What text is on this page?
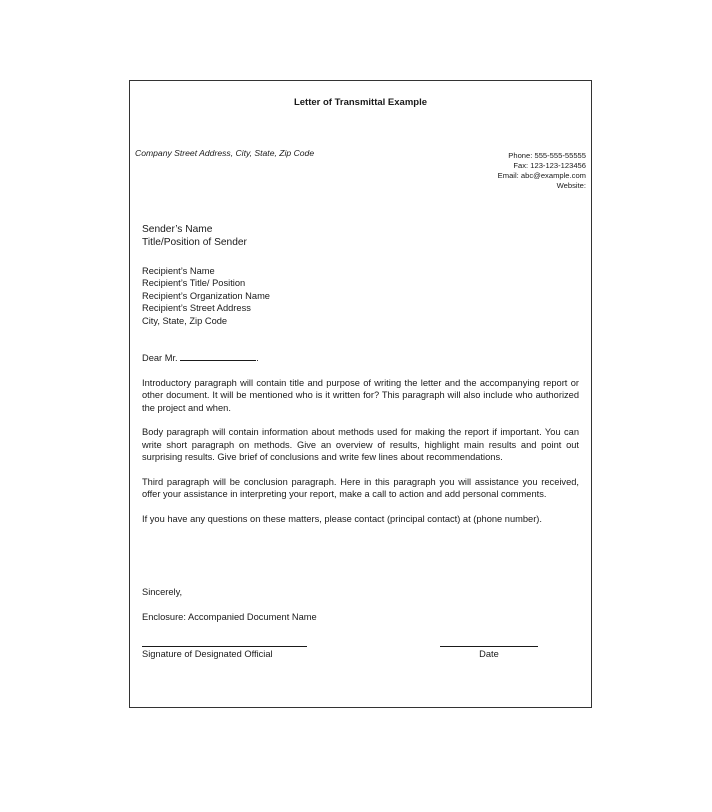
Letter of Transmittal Example
Company Street Address, City, State, Zip Code	Phone: 555-555-55555
Fax: 123-123-123456
Email: abc@example.com
Website:
Sender’s Name
Title/Position of Sender
Recipient’s Name
Recipient’s Title/ Position
Recipient’s Organization Name
Recipient’s Street Address
City, State, Zip Code

Dear Mr.	.

Introductory paragraph will contain title and purpose of writing the letter and the accompanying report or other document. It will be mentioned who is it written for? This paragraph will also include who authorized the project and when.

Body paragraph will contain information about methods used for making the report if important. You can write short paragraph on methods. Give an overview of results, highlight main results and point out surprising results. Give brief of conclusions and write few lines about recommendations.

Third paragraph will be conclusion paragraph. Here in this paragraph you will assistance you received, offer your assistance in interpreting your report, make a call to action and add personal comments.

If you have any questions on these matters, please contact (principal contact) at (phone number).

Sincerely,
Enclosure: Accompanied Document Name
Signature of Designated Official	Date
